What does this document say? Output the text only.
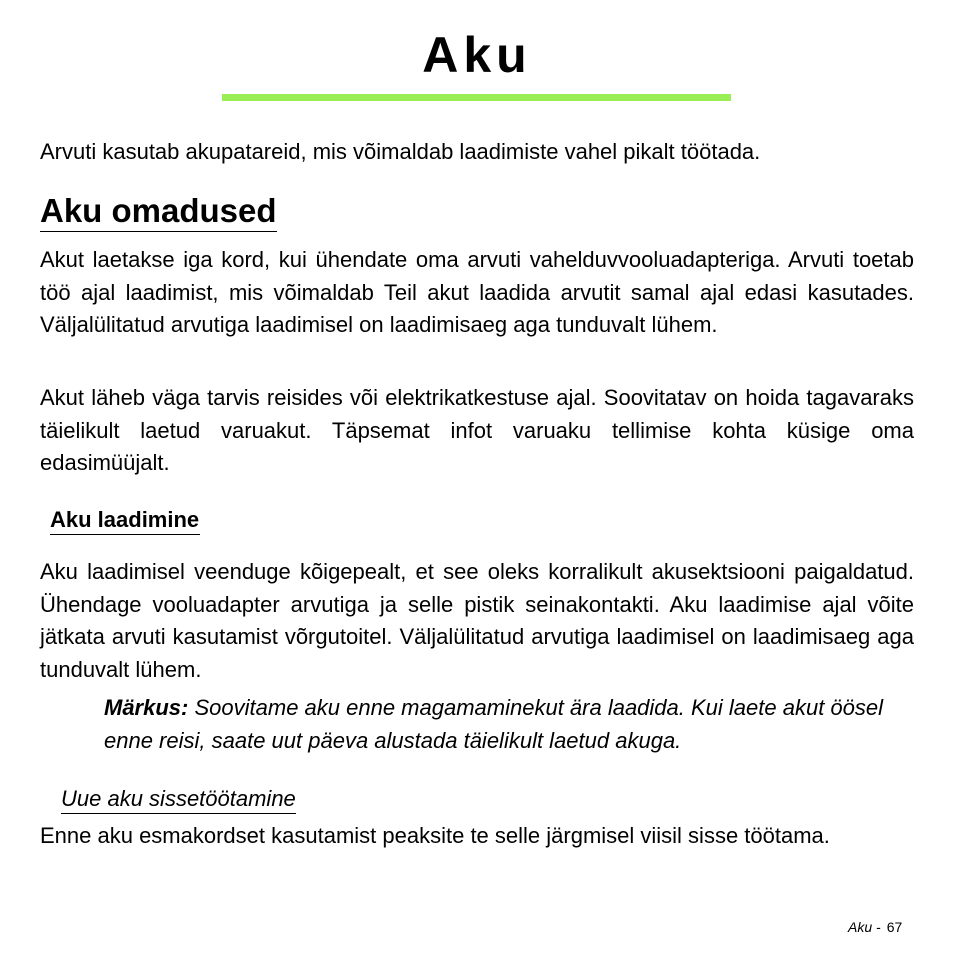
Aku
Arvuti kasutab akupatareid, mis võimaldab laadimiste vahel pikalt töötada.
Aku omadused
Akut laetakse iga kord, kui ühendate oma arvuti vahelduvvooluadapteriga. Arvuti toetab töö ajal laadimist, mis võimaldab Teil akut laadida arvutit samal ajal edasi kasutades. Väljalülitatud arvutiga laadimisel on laadimisaeg aga tunduvalt lühem.
Akut läheb väga tarvis reisides või elektrikatkestuse ajal. Soovitatav on hoida tagavaraks täielikult laetud varuakut. Täpsemat infot varuaku tellimise kohta küsige oma edasimüüjalt.
Aku laadimine
Aku laadimisel veenduge kõigepealt, et see oleks korralikult akusektsiooni paigaldatud. Ühendage vooluadapter arvutiga ja selle pistik seinakontakti. Aku laadimise ajal võite jätkata arvuti kasutamist võrgutoitel. Väljalülitatud arvutiga laadimisel on laadimisaeg aga tunduvalt lühem.
Märkus: Soovitame aku enne magamaminekut ära laadida. Kui laete akut öösel enne reisi, saate uut päeva alustada täielikult laetud akuga.
Uue aku sissetöötamine
Enne aku esmakordset kasutamist peaksite te selle järgmisel viisil sisse töötama.
Aku - 67
